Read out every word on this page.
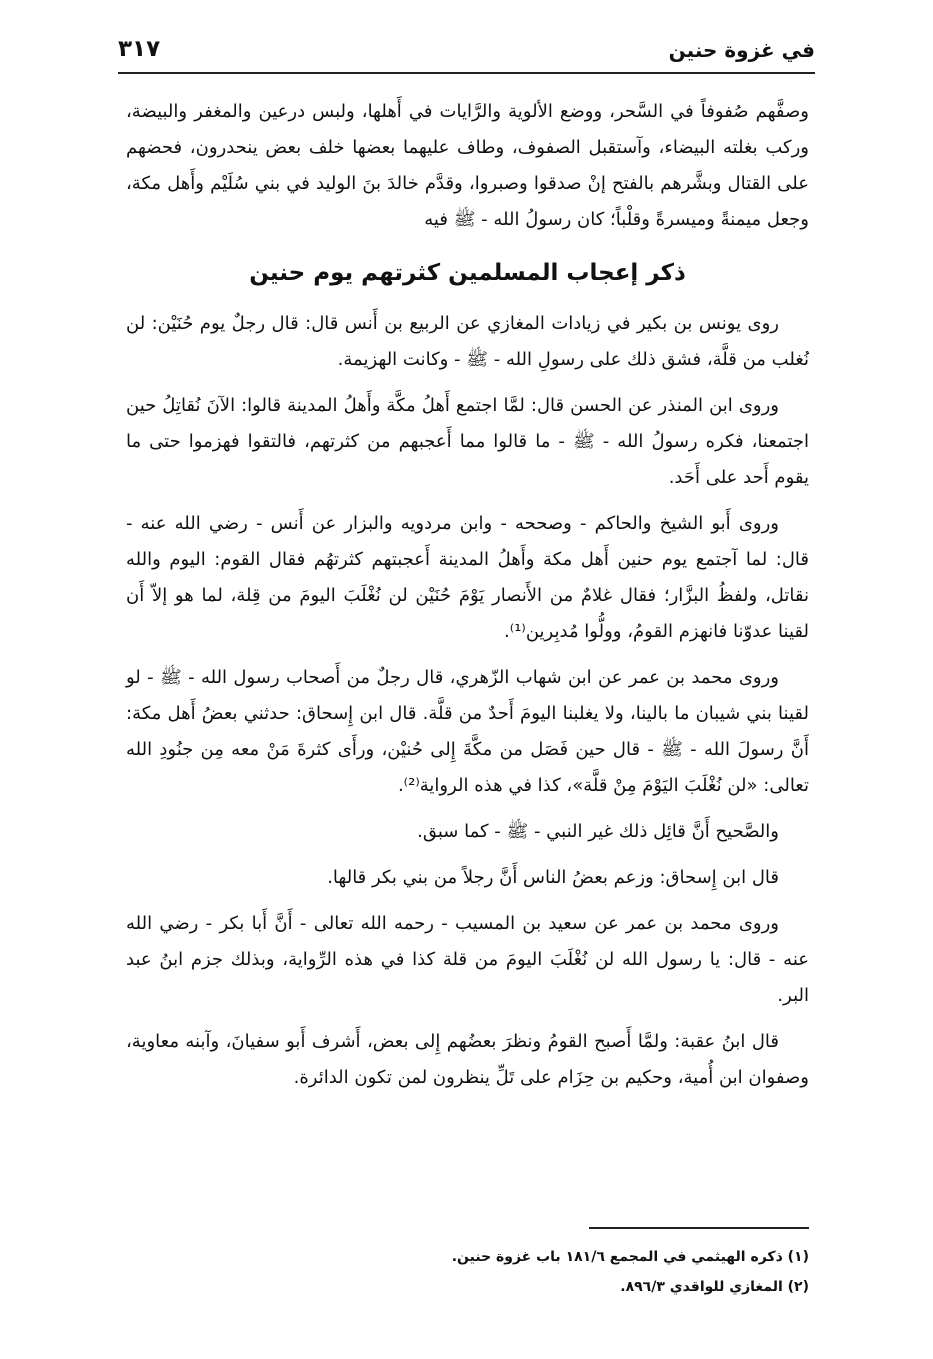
في غزوة حنين
٣١٧

وصفَّهم صُفوفاً في السَّحر، ووضع الألوية والرَّايات في أَهلها، ولبس درعين والمغفر والبيضة، وركب بغلته البيضاء، وآستقبل الصفوف، وطاف عليهما بعضها خلف بعض ينحدرون، فحضهم على القتال وبشَّرهم بالفتح إنْ صدقوا وصبروا، وقدَّم خالدَ بنَ الوليد في بني سُلَيْم وأَهل مكة، وجعل ميمنةً وميسرةً وقلْباً؛ كان رسولُ الله - ﷺ فيه

ذكر إعجاب المسلمين كثرتهم يوم حنين

روى يونس بن بكير في زيادات المغازي عن الربيع بن أَنس قال: قال رجلٌ يوم حُنَيْن: لن نُغلب من قلَّة، فشق ذلك على رسولِ الله - ﷺ - وكانت الهزيمة.

وروى ابن المنذر عن الحسن قال: لمَّا اجتمع أَهلُ مكَّة وأَهلُ المدينة قالوا: الآنَ نُقاتِلُ حين اجتمعنا، فكره رسولُ الله - ﷺ - ما قالوا مما أَعجبهم من كثرتهم، فالتقوا فهزموا حتى ما يقوم أَحد على أَحَد.

وروى أَبو الشيخ والحاكم - وصححه - وابن مردويه والبزار عن أَنس - رضي الله عنه - قال: لما آجتمع يوم حنين أَهل مكة وأَهلُ المدينة أَعجبتهم كثرتهُم فقال القوم: اليوم والله نقاتل، ولفظُ البزَّار؛ فقال غلامٌ من الأَنصار يَوْمَ حُنَيْن لن نُغْلَبَ اليومَ من قِلة، لما هو إلاّ أَن لقينا عدوّنا فانهزم القومُ، وولُّوا مُدبِرين⁽¹⁾.

وروى محمد بن عمر عن ابن شهاب الزّهري، قال رجلٌ من أَصحاب رسول الله - ﷺ - لو لقينا بني شيبان ما بالينا، ولا يغلبنا اليومَ أَحدٌ من قلَّة. قال ابن إِسحاق: حدثني بعضُ أَهل مكة: أَنَّ رسولَ الله - ﷺ - قال حين فَصَل من مكَّةَ إِلى حُنيْن، ورأَى كثرةَ مَنْ معه مِن جنُودِ الله تعالى: «لن نُغْلَبَ اليَوْمَ مِنْ قلَّة»، كذا في هذه الرواية⁽²⁾.

والصَّحيح أَنَّ قائِل ذلك غير النبي - ﷺ - كما سبق.

قال ابن إِسحاق: وزعم بعضُ الناس أَنَّ رجلاً من بني بكر قالها.

وروى محمد بن عمر عن سعيد بن المسيب - رحمه الله تعالى - أَنَّ أَبا بكر - رضي الله عنه - قال: يا رسول الله لن نُغْلَبَ اليومَ من قلة كذا في هذه الرِّواية، وبذلك جزم ابنُ عبد البر.

قال ابنُ عقبة: ولمَّا أَصبح القومُ ونظرَ بعضُهم إِلى بعض، أَشرف أَبو سفيانَ، وآبنه معاوية، وصفوان ابن أُمية، وحكيم بن حِزَام على تَلِّ ينظرون لمن تكون الدائرة.

(١) ذكره الهيثمي في المجمع ١٨١/٦ باب غزوة حنين.

(٢) المغازي للواقدي ٨٩٦/٣.
